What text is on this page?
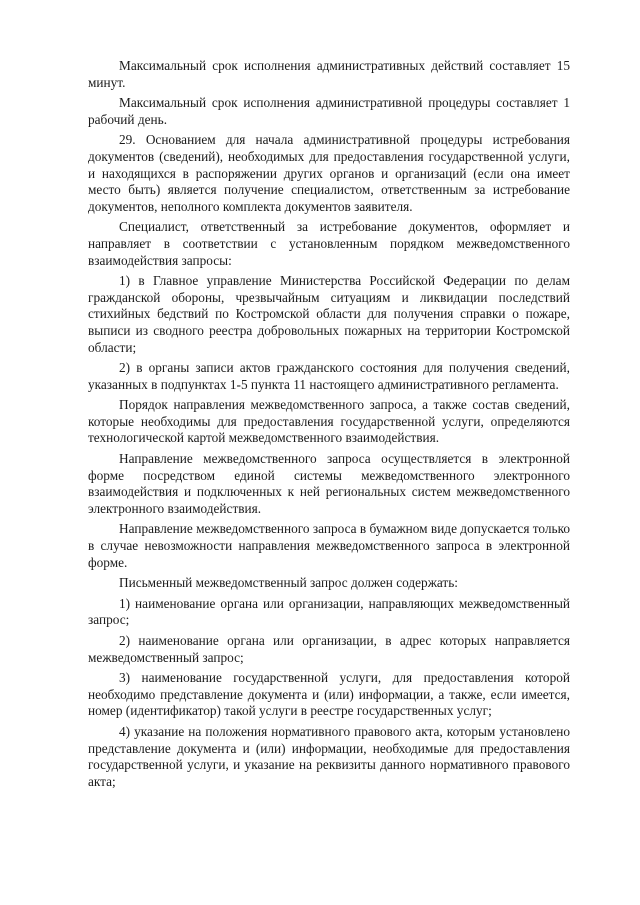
Максимальный срок исполнения административных действий составляет 15 минут.

Максимальный срок исполнения административной процедуры составляет 1 рабочий день.

29. Основанием для начала административной процедуры истребования документов (сведений), необходимых для предоставления государственной услуги, и находящихся в распоряжении других органов и организаций (если она имеет место быть) является получение специалистом, ответственным за истребование документов, неполного комплекта документов заявителя.

Специалист, ответственный за истребование документов, оформляет и направляет в соответствии с установленным порядком межведомственного взаимодействия запросы:

1) в Главное управление Министерства Российской Федерации по делам гражданской обороны, чрезвычайным ситуациям и ликвидации последствий стихийных бедствий по Костромской области для получения справки о пожаре, выписи из сводного реестра добровольных пожарных на территории Костромской области;

2) в органы записи актов гражданского состояния для получения сведений, указанных в подпунктах 1-5 пункта 11 настоящего административного регламента.

Порядок направления межведомственного запроса, а также состав сведений, которые необходимы для предоставления государственной услуги, определяются технологической картой межведомственного взаимодействия.

Направление межведомственного запроса осуществляется в электронной форме посредством единой системы межведомственного электронного взаимодействия и подключенных к ней региональных систем межведомственного электронного взаимодействия.

Направление межведомственного запроса в бумажном виде допускается только в случае невозможности направления межведомственного запроса в электронной форме.

Письменный межведомственный запрос должен содержать:

1) наименование органа или организации, направляющих межведомственный запрос;

2) наименование органа или организации, в адрес которых направляется межведомственный запрос;

3) наименование государственной услуги, для предоставления которой необходимо представление документа и (или) информации, а также, если имеется, номер (идентификатор) такой услуги в реестре государственных услуг;

4) указание на положения нормативного правового акта, которым установлено представление документа и (или) информации, необходимые для предоставления государственной услуги, и указание на реквизиты данного нормативного правового акта;
